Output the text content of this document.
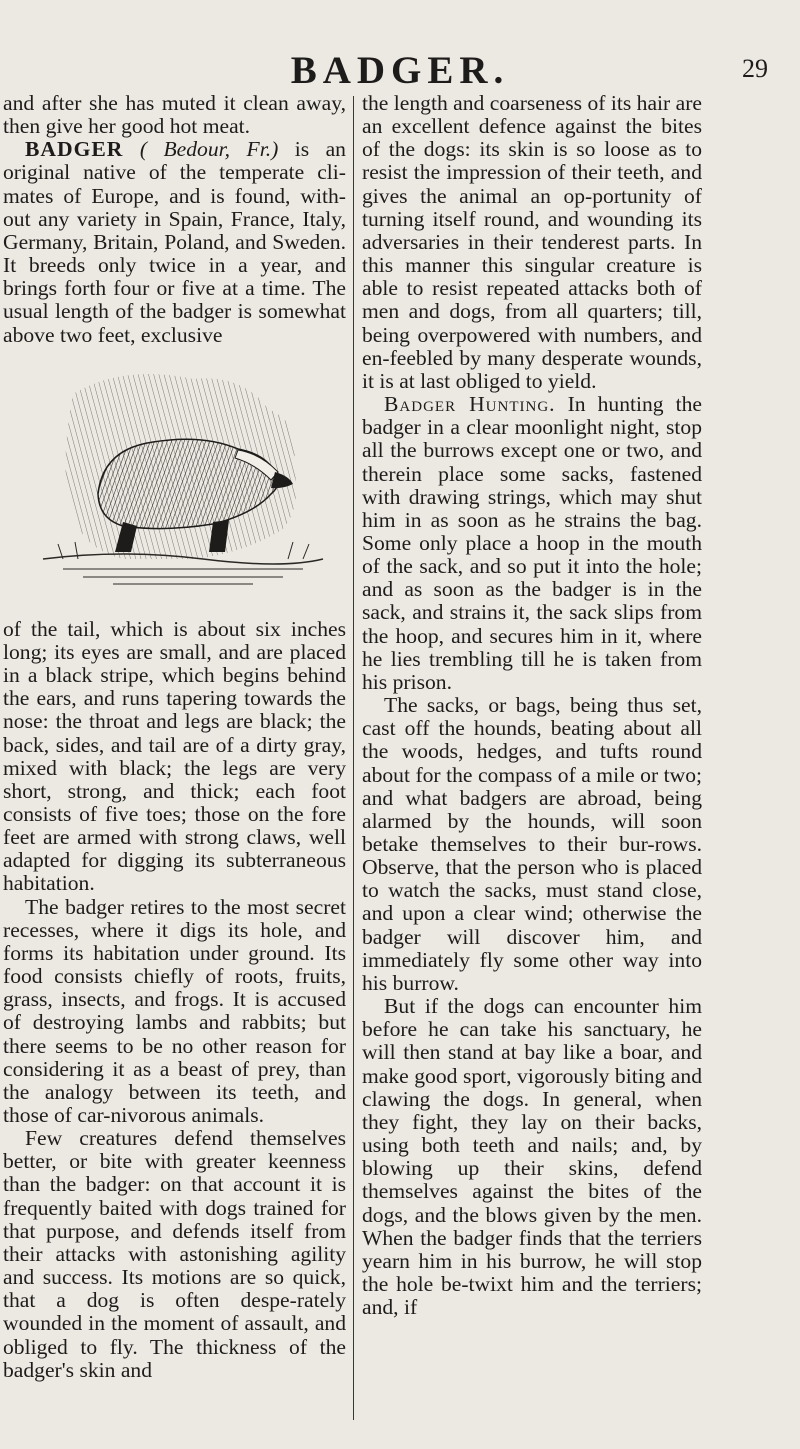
BADGER.	29

and after she has muted it clean away, then give her good hot meat.

BADGER ( Bedour, Fr.) is an original native of the temperate cli-mates of Europe, and is found, with-out any variety in Spain, France, Italy, Germany, Britain, Poland, and Sweden. It breeds only twice in a year, and brings forth four or five at a time. The usual length of the badger is somewhat above two feet, exclusive

of the tail, which is about six inches long; its eyes are small, and are placed in a black stripe, which begins behind the ears, and runs tapering towards the nose: the throat and legs are black; the back, sides, and tail are of a dirty gray, mixed with black; the legs are very short, strong, and thick; each foot consists of five toes; those on the fore feet are armed with strong claws, well adapted for digging its subterraneous habitation.

The badger retires to the most secret recesses, where it digs its hole, and forms its habitation under ground. Its food consists chiefly of roots, fruits, grass, insects, and frogs. It is accused of destroying lambs and rabbits; but there seems to be no other reason for considering it as a beast of prey, than the analogy between its teeth, and those of car-nivorous animals.

Few creatures defend themselves better, or bite with greater keenness than the badger: on that account it is frequently baited with dogs trained for that purpose, and defends itself from their attacks with astonishing agility and success. Its motions are so quick, that a dog is often despe-rately wounded in the moment of assault, and obliged to fly. The thickness of the badger's skin and

the length and coarseness of its hair are an excellent defence against the bites of the dogs: its skin is so loose as to resist the impression of their teeth, and gives the animal an op-portunity of turning itself round, and wounding its adversaries in their tenderest parts. In this manner this singular creature is able to resist repeated attacks both of men and dogs, from all quarters; till, being overpowered with numbers, and en-feebled by many desperate wounds, it is at last obliged to yield.

Badger Hunting. In hunting the badger in a clear moonlight night, stop all the burrows except one or two, and therein place some sacks, fastened with drawing strings, which may shut him in as soon as he strains the bag. Some only place a hoop in the mouth of the sack, and so put it into the hole; and as soon as the badger is in the sack, and strains it, the sack slips from the hoop, and secures him in it, where he lies trembling till he is taken from his prison.

The sacks, or bags, being thus set, cast off the hounds, beating about all the woods, hedges, and tufts round about for the compass of a mile or two; and what badgers are abroad, being alarmed by the hounds, will soon betake themselves to their bur-rows. Observe, that the person who is placed to watch the sacks, must stand close, and upon a clear wind; otherwise the badger will discover him, and immediately fly some other way into his burrow.

But if the dogs can encounter him before he can take his sanctuary, he will then stand at bay like a boar, and make good sport, vigorously biting and clawing the dogs. In general, when they fight, they lay on their backs, using both teeth and nails; and, by blowing up their skins, defend themselves against the bites of the dogs, and the blows given by the men. When the badger finds that the terriers yearn him in his burrow, he will stop the hole be-twixt him and the terriers; and, if
